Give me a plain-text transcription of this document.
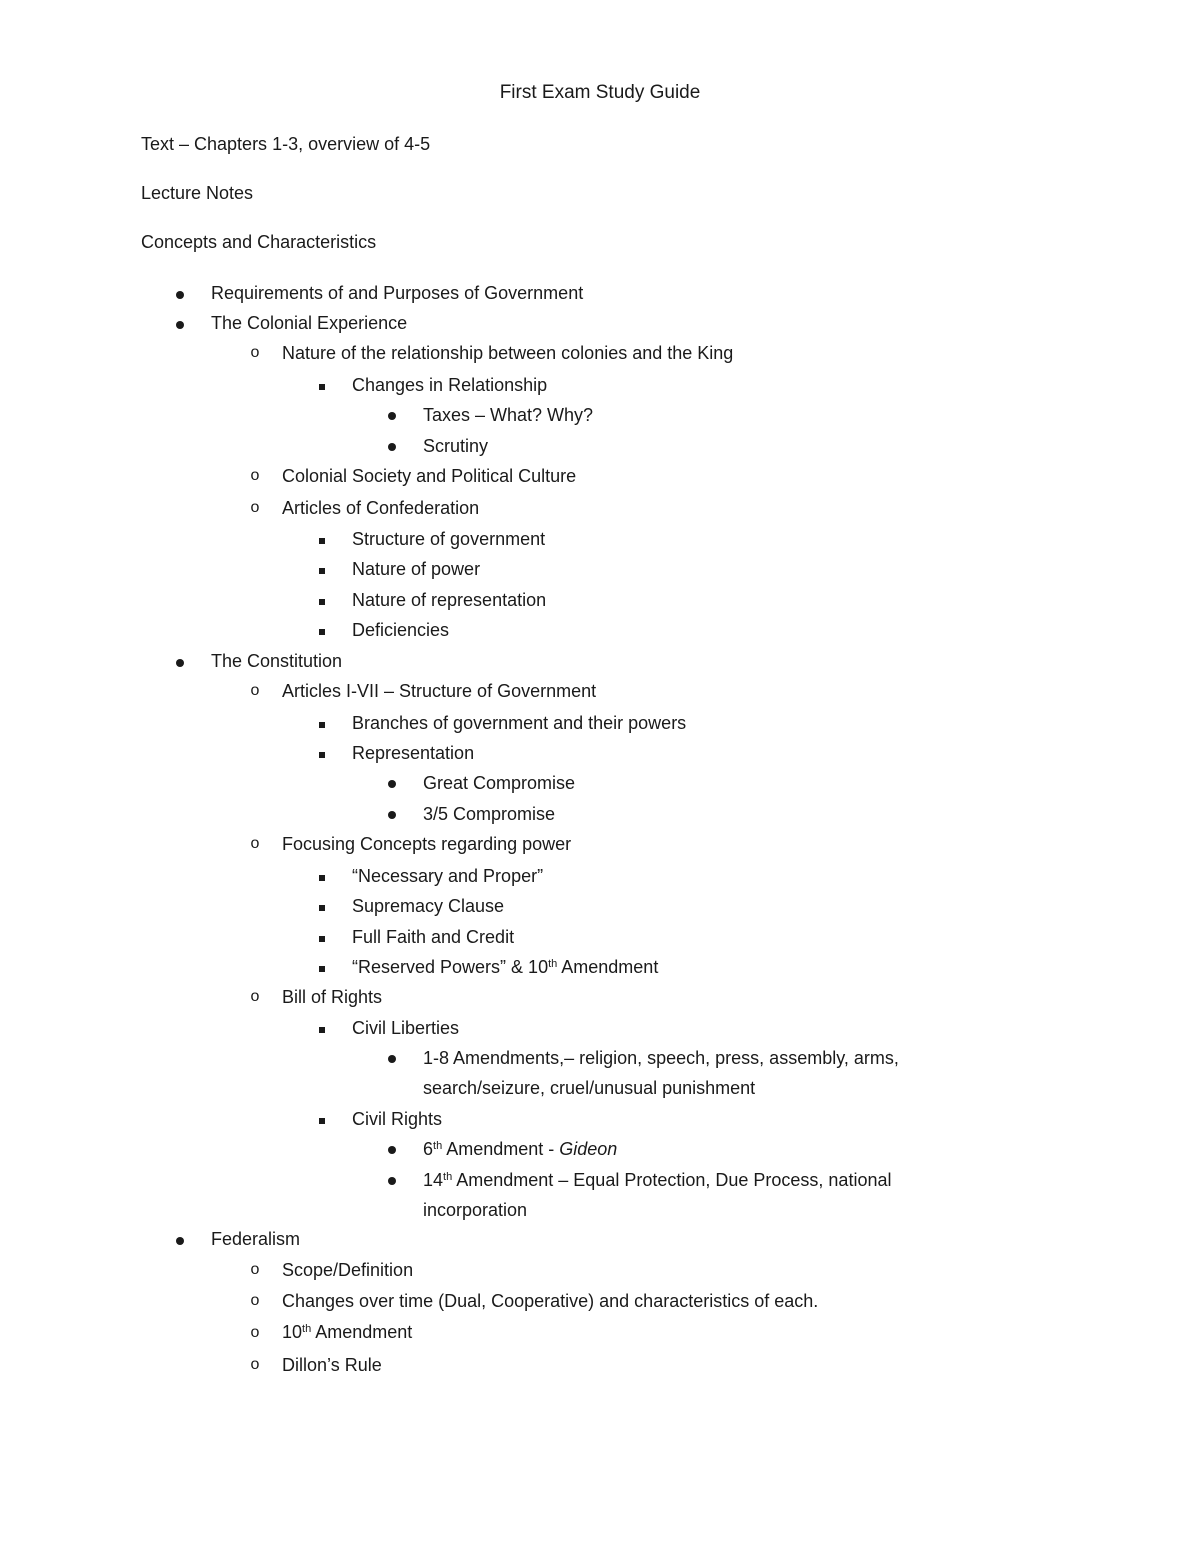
First Exam Study Guide
Text – Chapters 1-3, overview of 4-5
Lecture Notes
Concepts and Characteristics
Requirements of and Purposes of Government
The Colonial Experience
o	Nature of the relationship between colonies and the King
Changes in Relationship
Taxes – What? Why?
Scrutiny
o	Colonial Society and Political Culture
o	Articles of Confederation
Structure of government
Nature of power
Nature of representation
Deficiencies
The Constitution
o	Articles I-VII – Structure of Government
Branches of government and their powers
Representation
Great Compromise
3/5 Compromise
o	Focusing Concepts regarding power
“Necessary and Proper”
Supremacy Clause
Full Faith and Credit
“Reserved Powers” & 10th Amendment
o	Bill of Rights
Civil Liberties
1-8 Amendments,– religion, speech, press, assembly, arms,
search/seizure, cruel/unusual punishment
Civil Rights
6th Amendment - Gideon
14th Amendment – Equal Protection, Due Process, national
incorporation
Federalism
o	Scope/Definition
o	Changes over time (Dual, Cooperative) and characteristics of each.
o	10th Amendment
o	Dillon’s Rule
